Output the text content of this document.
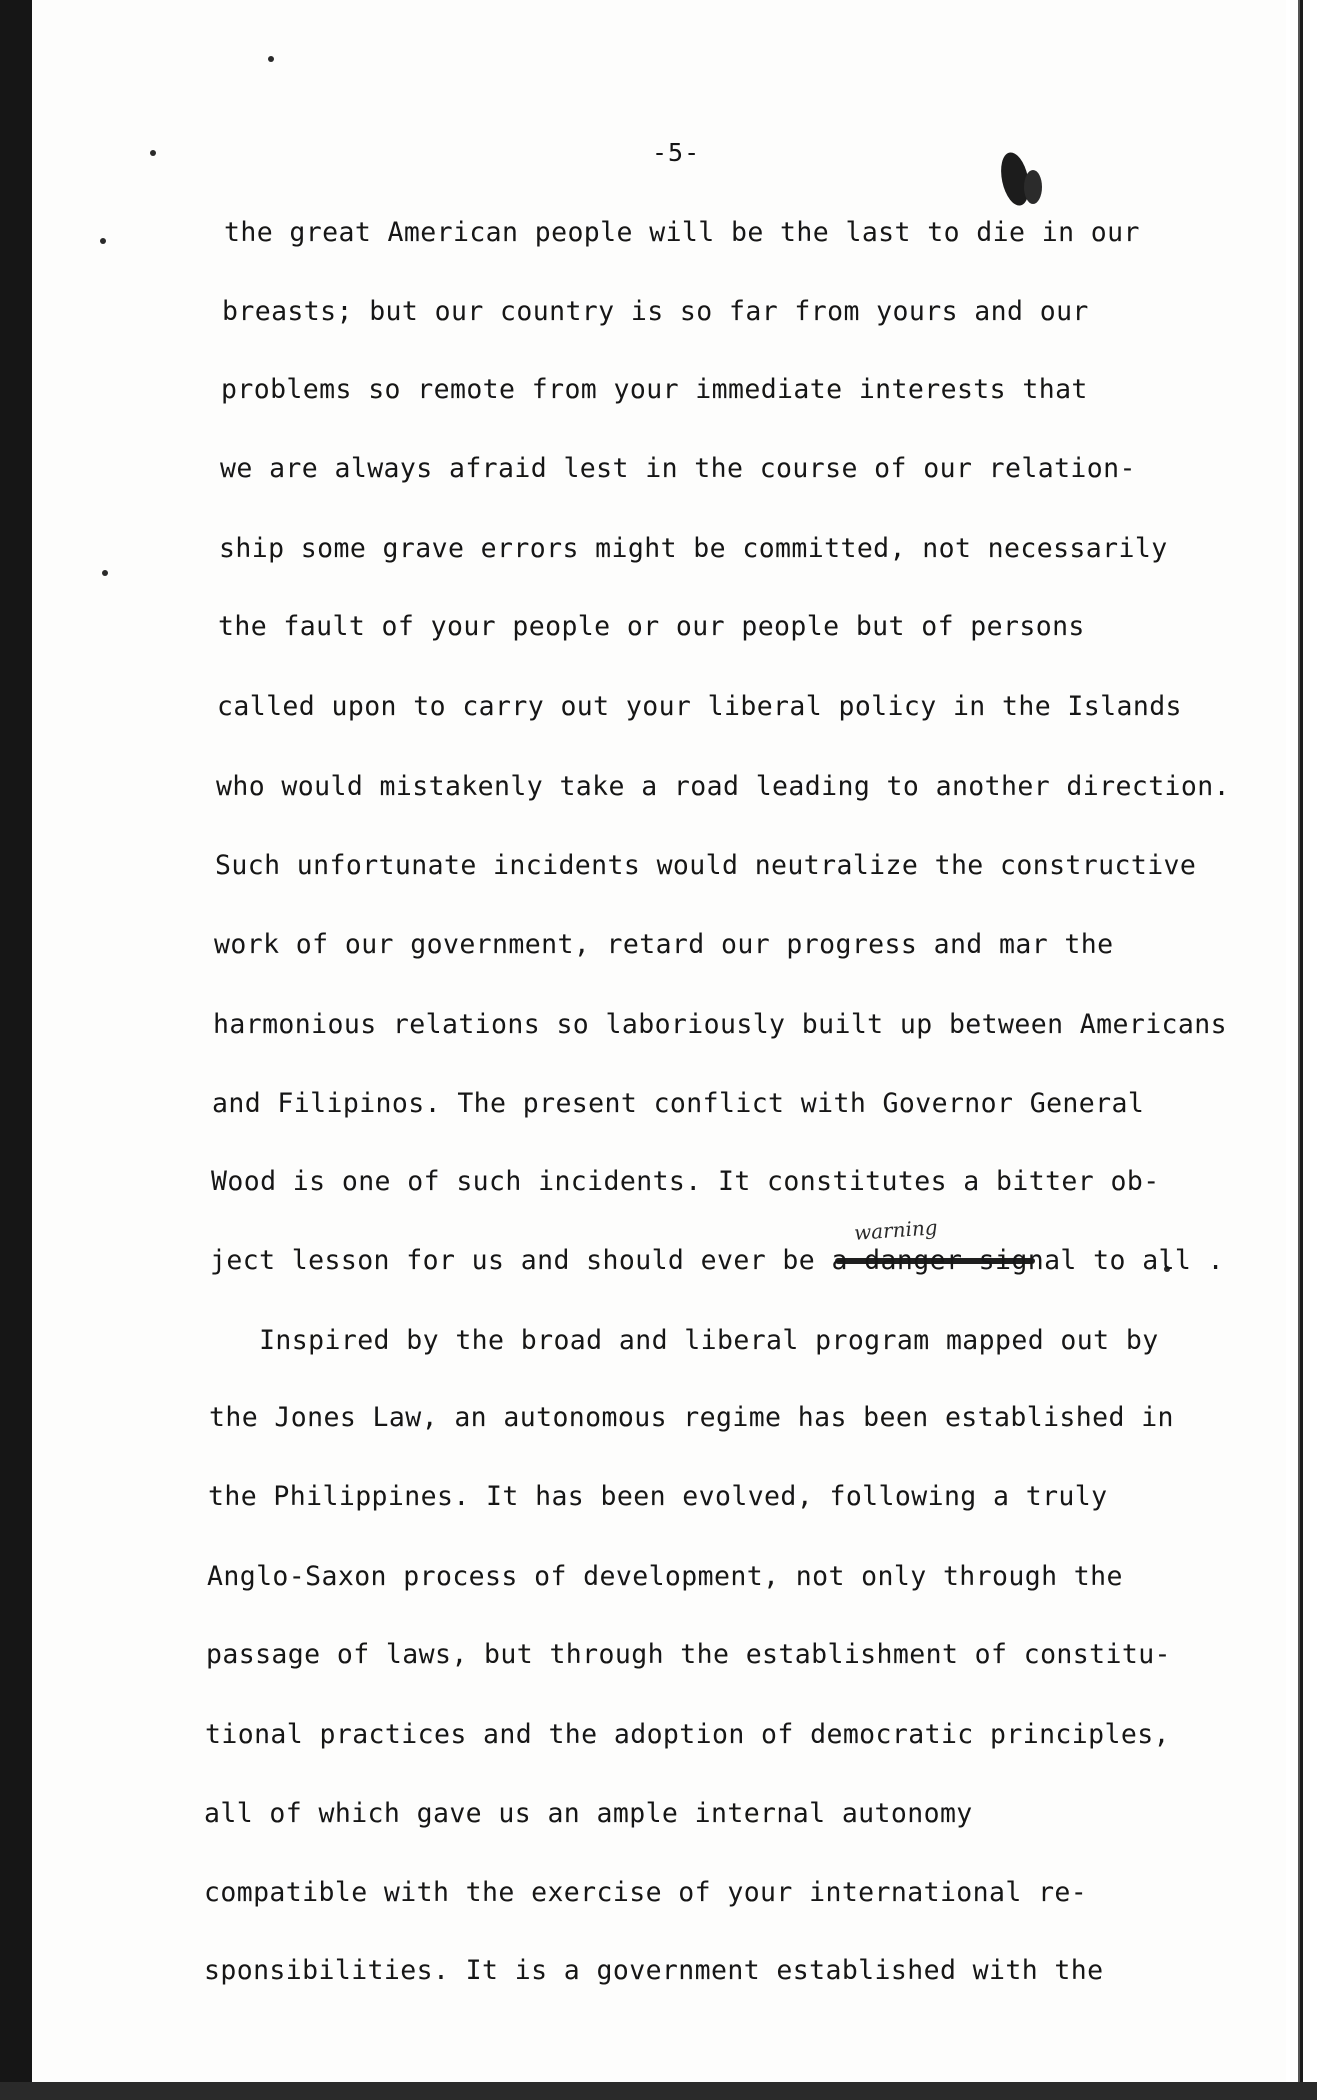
-5-
warning
the great American people will be the last to die in our
breasts; but our country is so far from yours and our
problems so remote from your immediate interests that
we are always afraid lest in the course of our relation-
ship some grave errors might be committed, not necessarily
the fault of your people or our people but of persons
called upon to carry out your liberal policy in the Islands
who would mistakenly take a road leading to another direction.
Such unfortunate incidents would neutralize the constructive
work of our government, retard our progress and mar the
harmonious relations so laboriously built up between Americans
and Filipinos. The present conflict with Governor General
Wood is one of such incidents. It constitutes a bitter ob-
ject lesson for us and should ever be a danger signal to all .
Inspired by the broad and liberal program mapped out by
the Jones Law, an autonomous regime has been established in
the Philippines. It has been evolved, following a truly
Anglo-Saxon process of development, not only through the
passage of laws, but through the establishment of constitu-
tional practices and the adoption of democratic principles,
all of which gave us an ample internal autonomy
compatible with the exercise of your international re-
sponsibilities. It is a government established with the
